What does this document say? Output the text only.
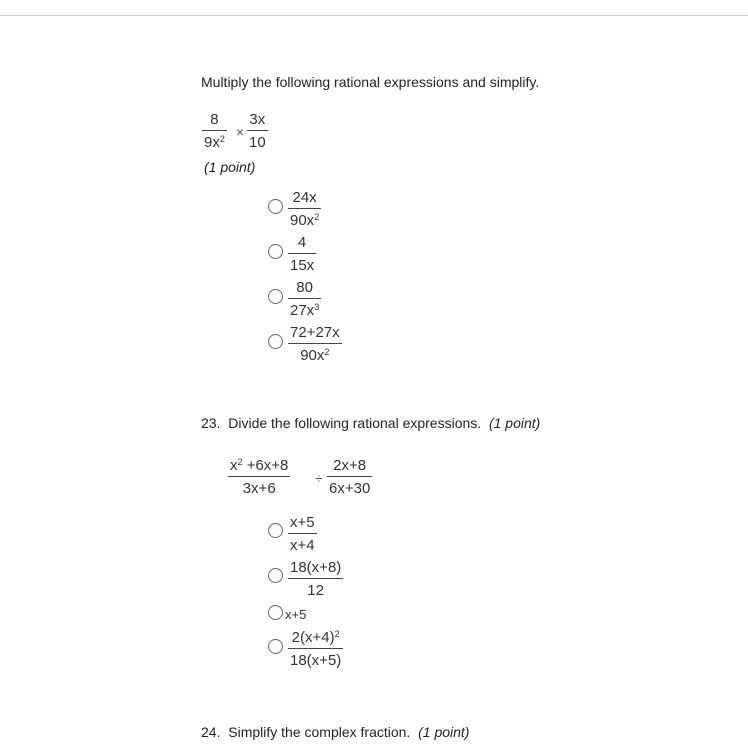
Multiply the following rational expressions and simplify.
8
$9x^2$ ×
3x
10
(1 point)
24x
$90x^2$
4
15x
80
$27x^3$
72+27x
$90x^2$
23. Divide the following rational expressions. (1 point)
$x^2 +6x+8$
3x+6
÷
2x+8
6x+30
x+5
x+4
18(x+8)
12
x+5
$2(x+4)^2$
18(x+5)
24. Simplify the complex fraction. (1 point)
